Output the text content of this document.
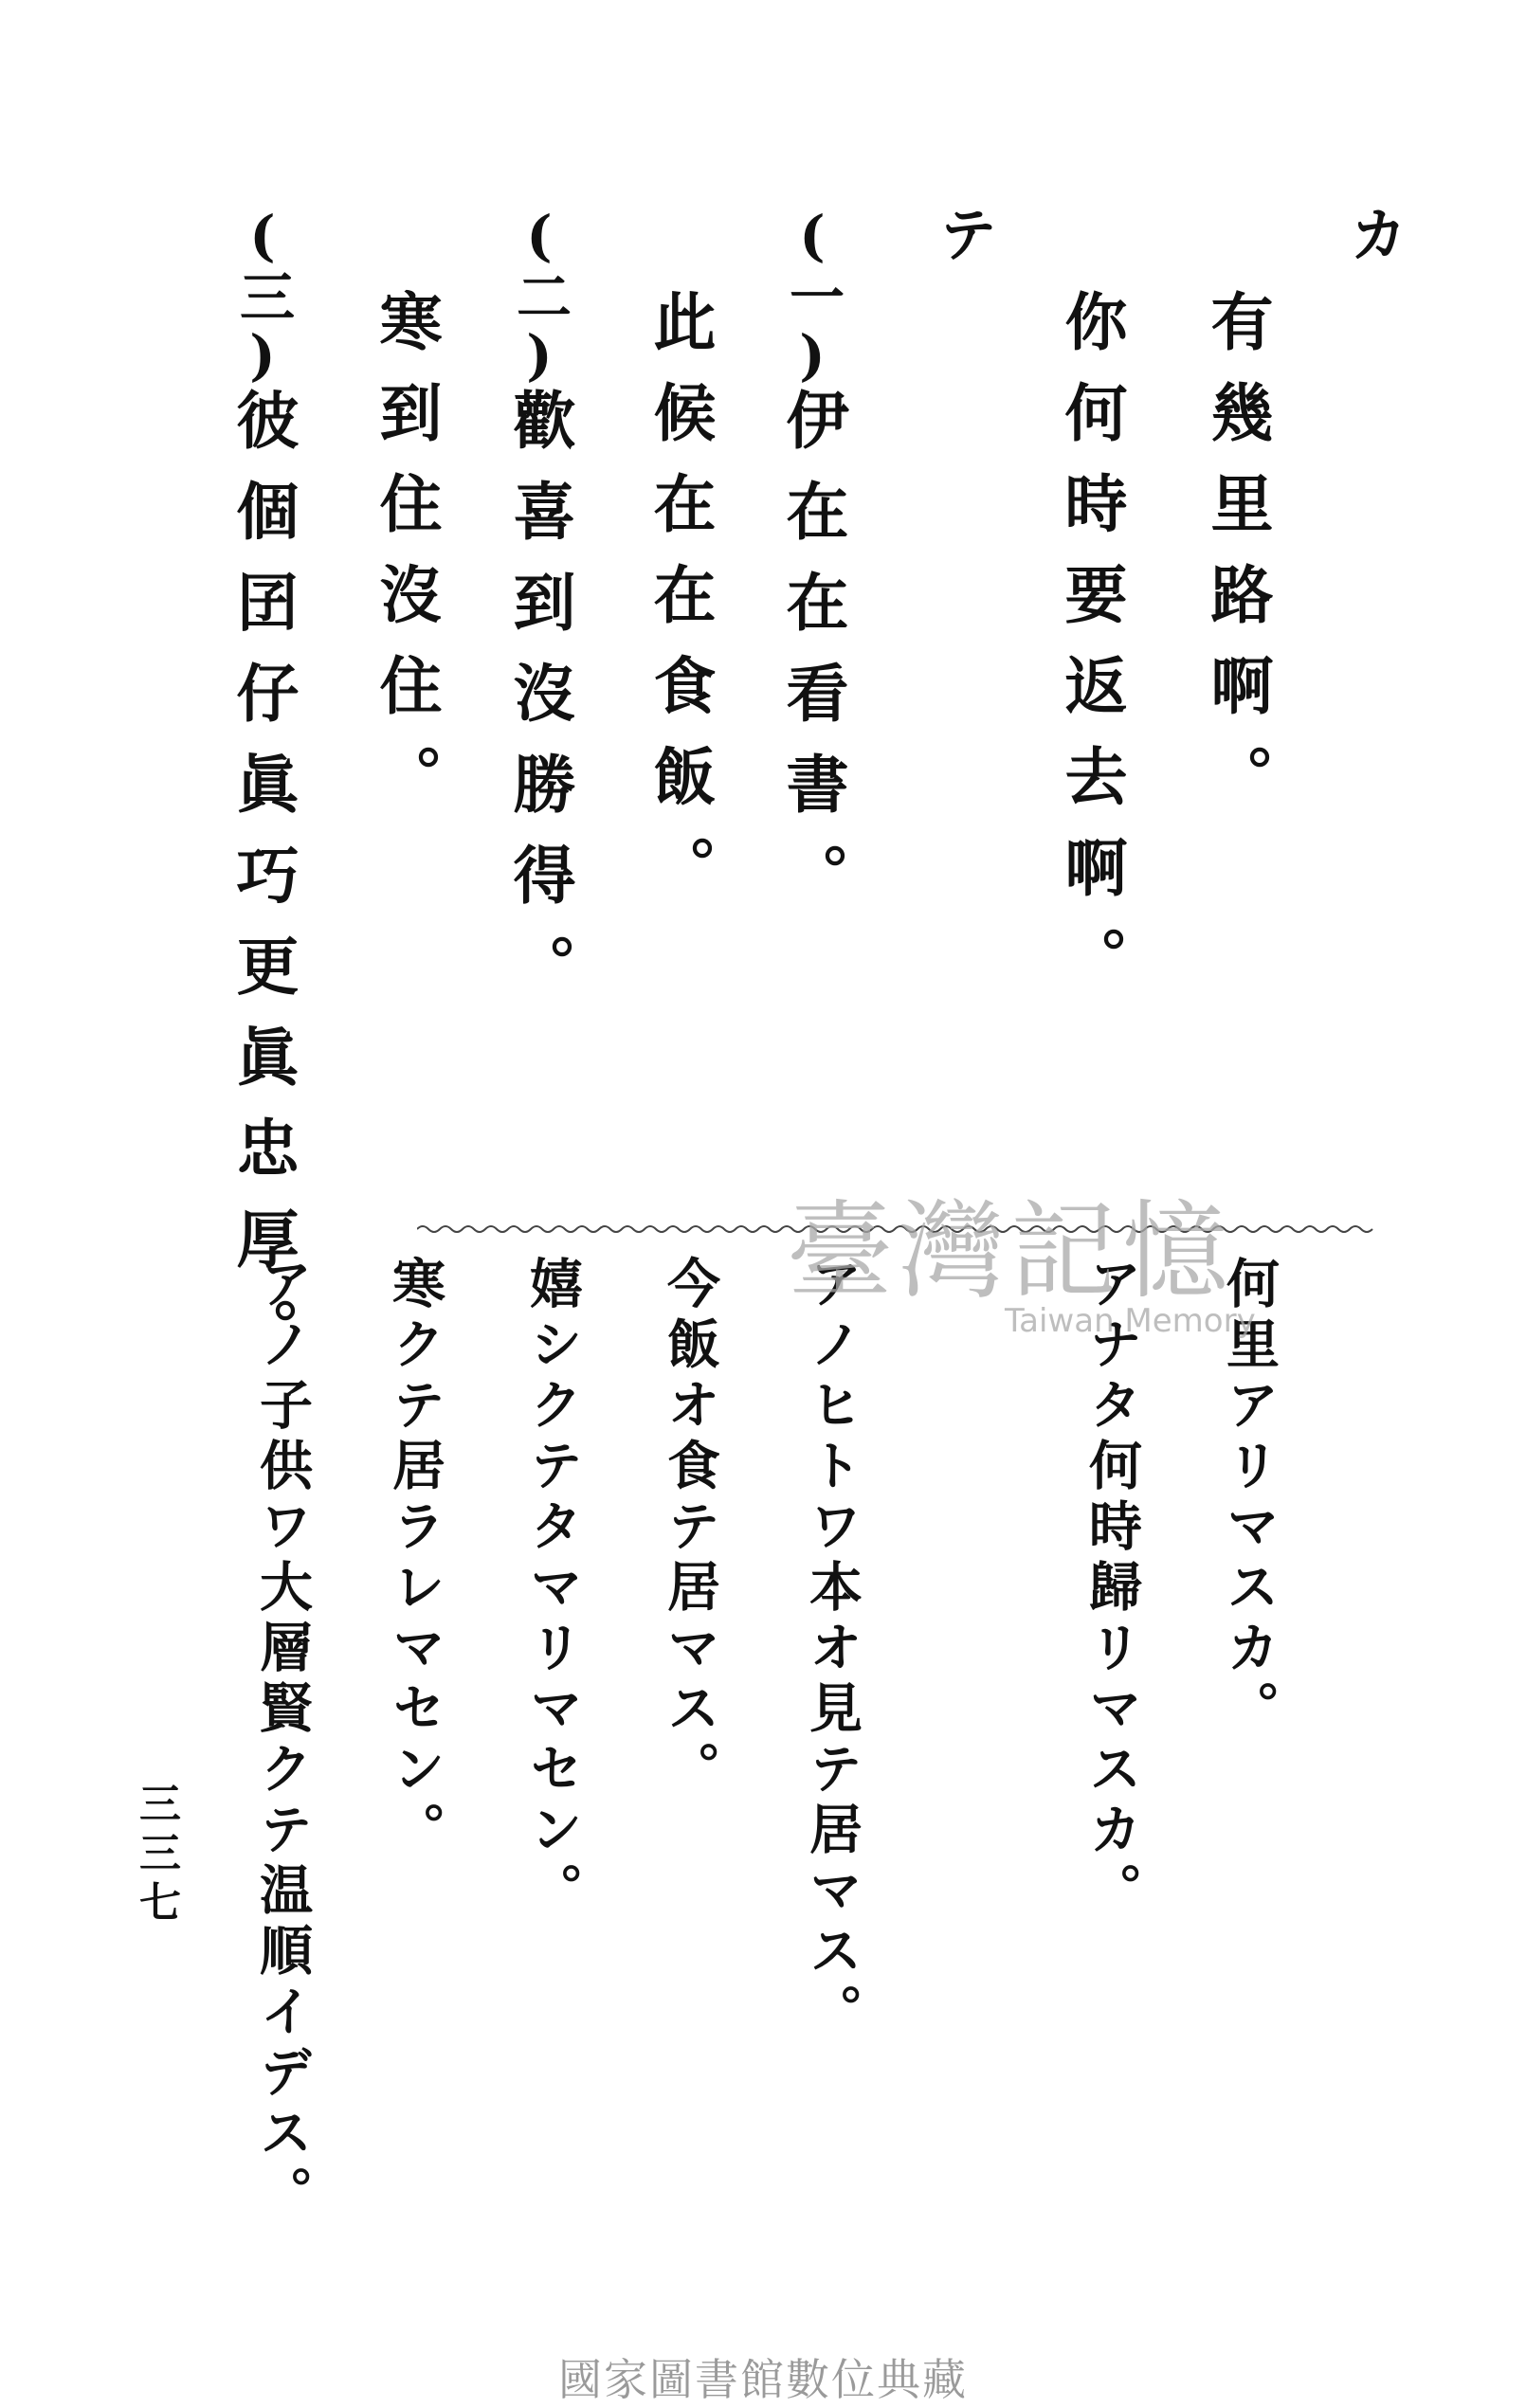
カ
テ
有幾里路啊。
你何時要返去啊。
(一)伊在在看書。
此候在在食飯。
(二)歡喜到沒勝得。
寒到住沒住。
(三)彼個囝仔眞巧更眞忠厚。
何里アリマスカ。
アナタ何時歸リマスカ。
アノヒトワ本オ見テ居マス。
今飯オ食テ居マス。
嬉シクテタマリマセン。
寒クテ居ラレマセン。
アノ子供ワ大層賢クテ温順イデス。
三三七
臺灣記憶
Taiwan Memory
國家圖書館數位典藏
